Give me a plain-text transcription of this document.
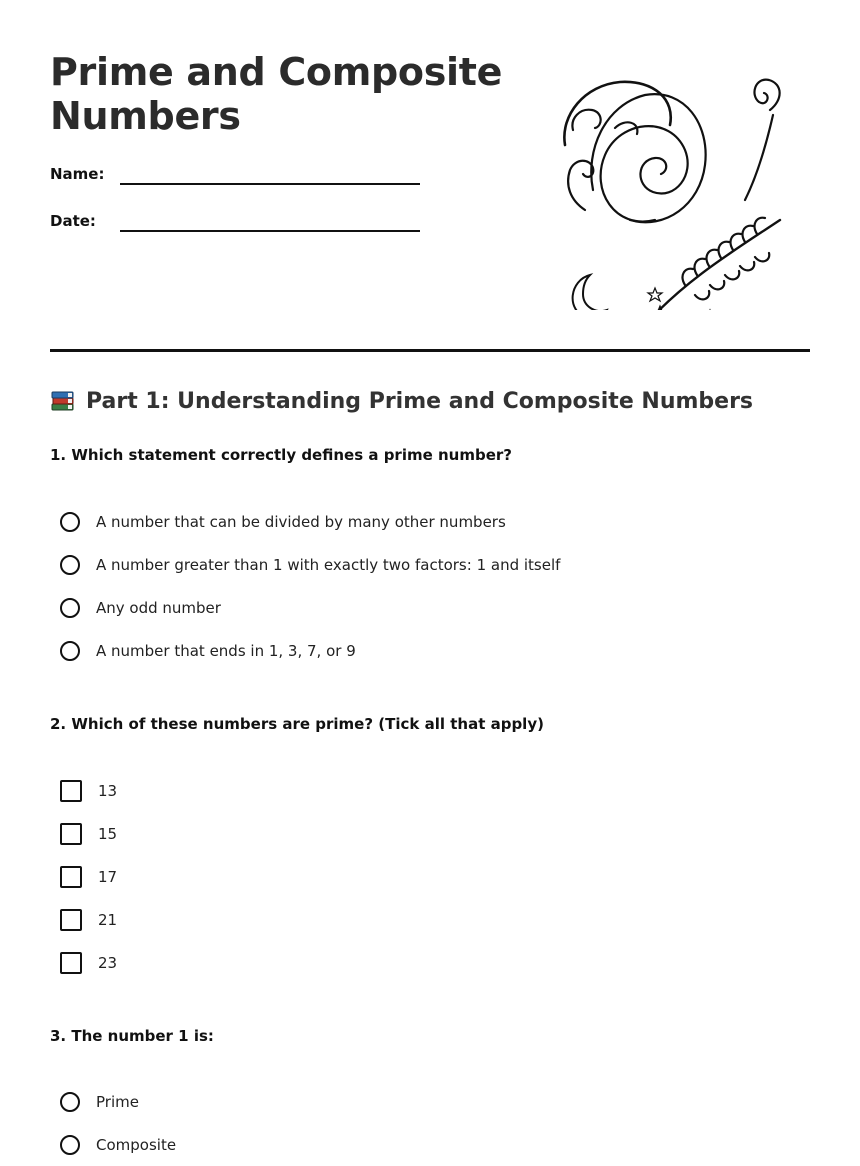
Prime and Composite
Numbers
Name:
Date:
Part 1: Understanding Prime and Composite Numbers

1. Which statement correctly defines a prime number?

A number that can be divided by many other numbers
A number greater than 1 with exactly two factors: 1 and itself
Any odd number
A number that ends in 1, 3, 7, or 9

2. Which of these numbers are prime? (Tick all that apply)

13
15
17
21
23

3. The number 1 is:

Prime
Composite
